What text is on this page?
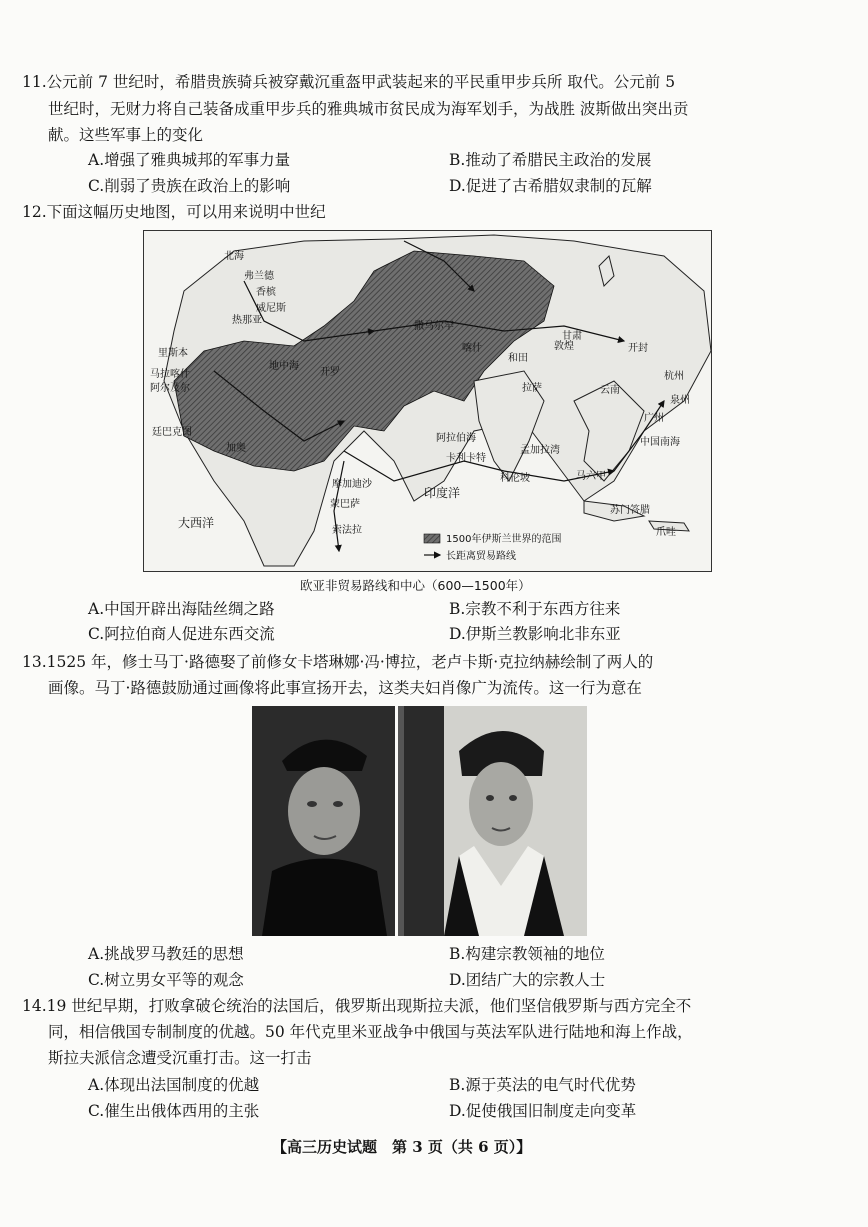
11.公元前 7 世纪时，希腊贵族骑兵被穿戴沉重盔甲武装起来的平民重甲步兵所 取代。公元前 5
世纪时，无财力将自己装备成重甲步兵的雅典城市贫民成为海军划手，为战胜 波斯做出突出贡
献。这些军事上的变化
A.增强了雅典城邦的军事力量	B.推动了希腊民主政治的发展
C.削弱了贵族在政治上的影响	D.促进了古希腊奴隶制的瓦解
12.下面这幅历史地图，可以用来说明中世纪
北海
弗兰德
香槟
威尼斯
热那亚
里斯本
马拉喀什
阿尔及尔
地中海
廷巴克图
加奥
开罗
摩加迪沙
蒙巴萨
索法拉
大西洋
印度洋
阿拉伯海
卡利卡特
孟加拉湾
科伦坡	马六甲
撒马尔罕
喀什
和田
敦煌
拉萨
甘肃
开封
杭州
泉州
广州
中国南海
云南
苏门答腊
爪哇
1500年伊斯兰世界的范围
长距离贸易路线
欧亚非贸易路线和中心（600—1500年）
A.中国开辟出海陆丝绸之路	B.宗教不利于东西方往来
C.阿拉伯商人促进东西交流	D.伊斯兰教影响北非东亚
13.1525 年，修士马丁·路德娶了前修女卡塔琳娜·冯·博拉，老卢卡斯·克拉纳赫绘制了两人的
画像。马丁·路德鼓励通过画像将此事宣扬开去，这类夫妇肖像广为流传。这一行为意在
A.挑战罗马教廷的思想	B.构建宗教领袖的地位
C.树立男女平等的观念	D.团结广大的宗教人士
14.19 世纪早期，打败拿破仑统治的法国后，俄罗斯出现斯拉夫派，他们坚信俄罗斯与西方完全不
同，相信俄国专制制度的优越。50 年代克里米亚战争中俄国与英法军队进行陆地和海上作战，
斯拉夫派信念遭受沉重打击。这一打击
A.体现出法国制度的优越	B.源于英法的电气时代优势
C.催生出俄体西用的主张	D.促使俄国旧制度走向变革
【高三历史试题　第 3 页（共 6 页）】
